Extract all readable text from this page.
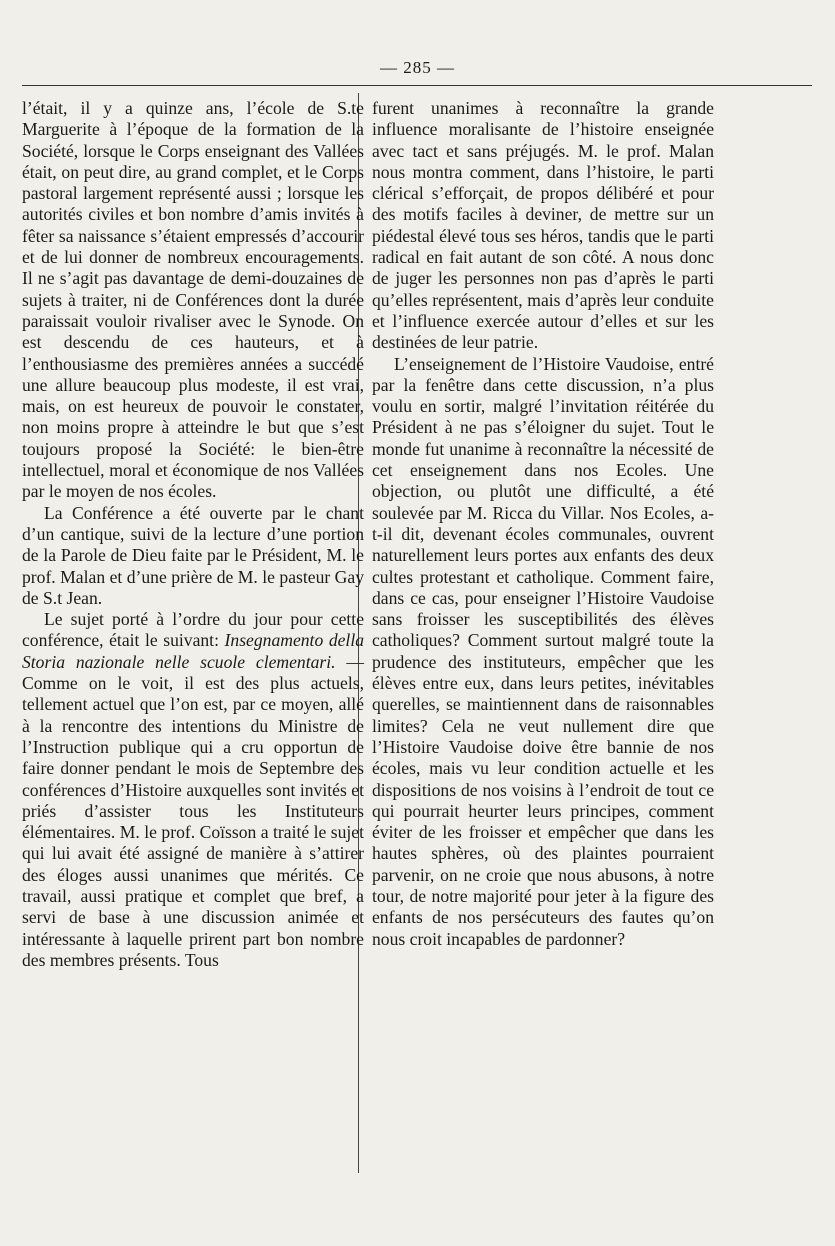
— 285 —

l’était, il y a quinze ans, l’école de S.te Marguerite à l’époque de la formation de la Société, lorsque le Corps enseignant des Vallées était, on peut dire, au grand complet, et le Corps pastoral largement représenté aussi ; lorsque les autorités civiles et bon nombre d’amis invités à fêter sa naissance s’étaient empressés d’accourir et de lui donner de nombreux encouragements. Il ne s’agit pas davantage de demi-douzaines de sujets à traiter, ni de Conférences dont la durée paraissait vouloir rivaliser avec le Synode. On est descendu de ces hauteurs, et à l’enthousiasme des premières années a succédé une allure beaucoup plus modeste, il est vrai, mais, on est heureux de pouvoir le constater, non moins propre à atteindre le but que s’est toujours proposé la Société: le bien-être intellectuel, moral et économique de nos Vallées par le moyen de nos écoles.

La Conférence a été ouverte par le chant d’un cantique, suivi de la lecture d’une portion de la Parole de Dieu faite par le Président, M. le prof. Malan et d’une prière de M. le pasteur Gay de S.t Jean.

Le sujet porté à l’ordre du jour pour cette conférence, était le suivant: Insegnamento della Storia nazionale nelle scuole clementari. — Comme on le voit, il est des plus actuels, tellement actuel que l’on est, par ce moyen, allé à la rencontre des intentions du Ministre de l’Instruction publique qui a cru opportun de faire donner pendant le mois de Septembre des conférences d’Histoire auxquelles sont invités et priés d’assister tous les Instituteurs élémentaires. M. le prof. Coïsson a traité le sujet qui lui avait été assigné de manière à s’attirer des éloges aussi unanimes que mérités. Ce travail, aussi pratique et complet que bref, a servi de base à une discussion animée et intéressante à laquelle prirent part bon nombre des membres présents. Tous

furent unanimes à reconnaître la grande influence moralisante de l’histoire enseignée avec tact et sans préjugés. M. le prof. Malan nous montra comment, dans l’histoire, le parti clérical s’efforçait, de propos délibéré et pour des motifs faciles à deviner, de mettre sur un piédestal élevé tous ses héros, tandis que le parti radical en fait autant de son côté. A nous donc de juger les personnes non pas d’après le parti qu’elles représentent, mais d’après leur conduite et l’influence exercée autour d’elles et sur les destinées de leur patrie.

L’enseignement de l’Histoire Vaudoise, entré par la fenêtre dans cette discussion, n’a plus voulu en sortir, malgré l’invitation réitérée du Président à ne pas s’éloigner du sujet. Tout le monde fut unanime à reconnaître la nécessité de cet enseignement dans nos Ecoles. Une objection, ou plutôt une difficulté, a été soulevée par M. Ricca du Villar. Nos Ecoles, a-t-il dit, devenant écoles communales, ouvrent naturellement leurs portes aux enfants des deux cultes protestant et catholique. Comment faire, dans ce cas, pour enseigner l’Histoire Vaudoise sans froisser les susceptibilités des élèves catholiques? Comment surtout malgré toute la prudence des instituteurs, empêcher que les élèves entre eux, dans leurs petites, inévitables querelles, se maintiennent dans de raisonnables limites? Cela ne veut nullement dire que l’Histoire Vaudoise doive être bannie de nos écoles, mais vu leur condition actuelle et les dispositions de nos voisins à l’endroit de tout ce qui pourrait heurter leurs principes, comment éviter de les froisser et empêcher que dans les hautes sphères, où des plaintes pourraient parvenir, on ne croie que nous abusons, à notre tour, de notre majorité pour jeter à la figure des enfants de nos persécuteurs des fautes qu’on nous croit incapables de pardonner?
